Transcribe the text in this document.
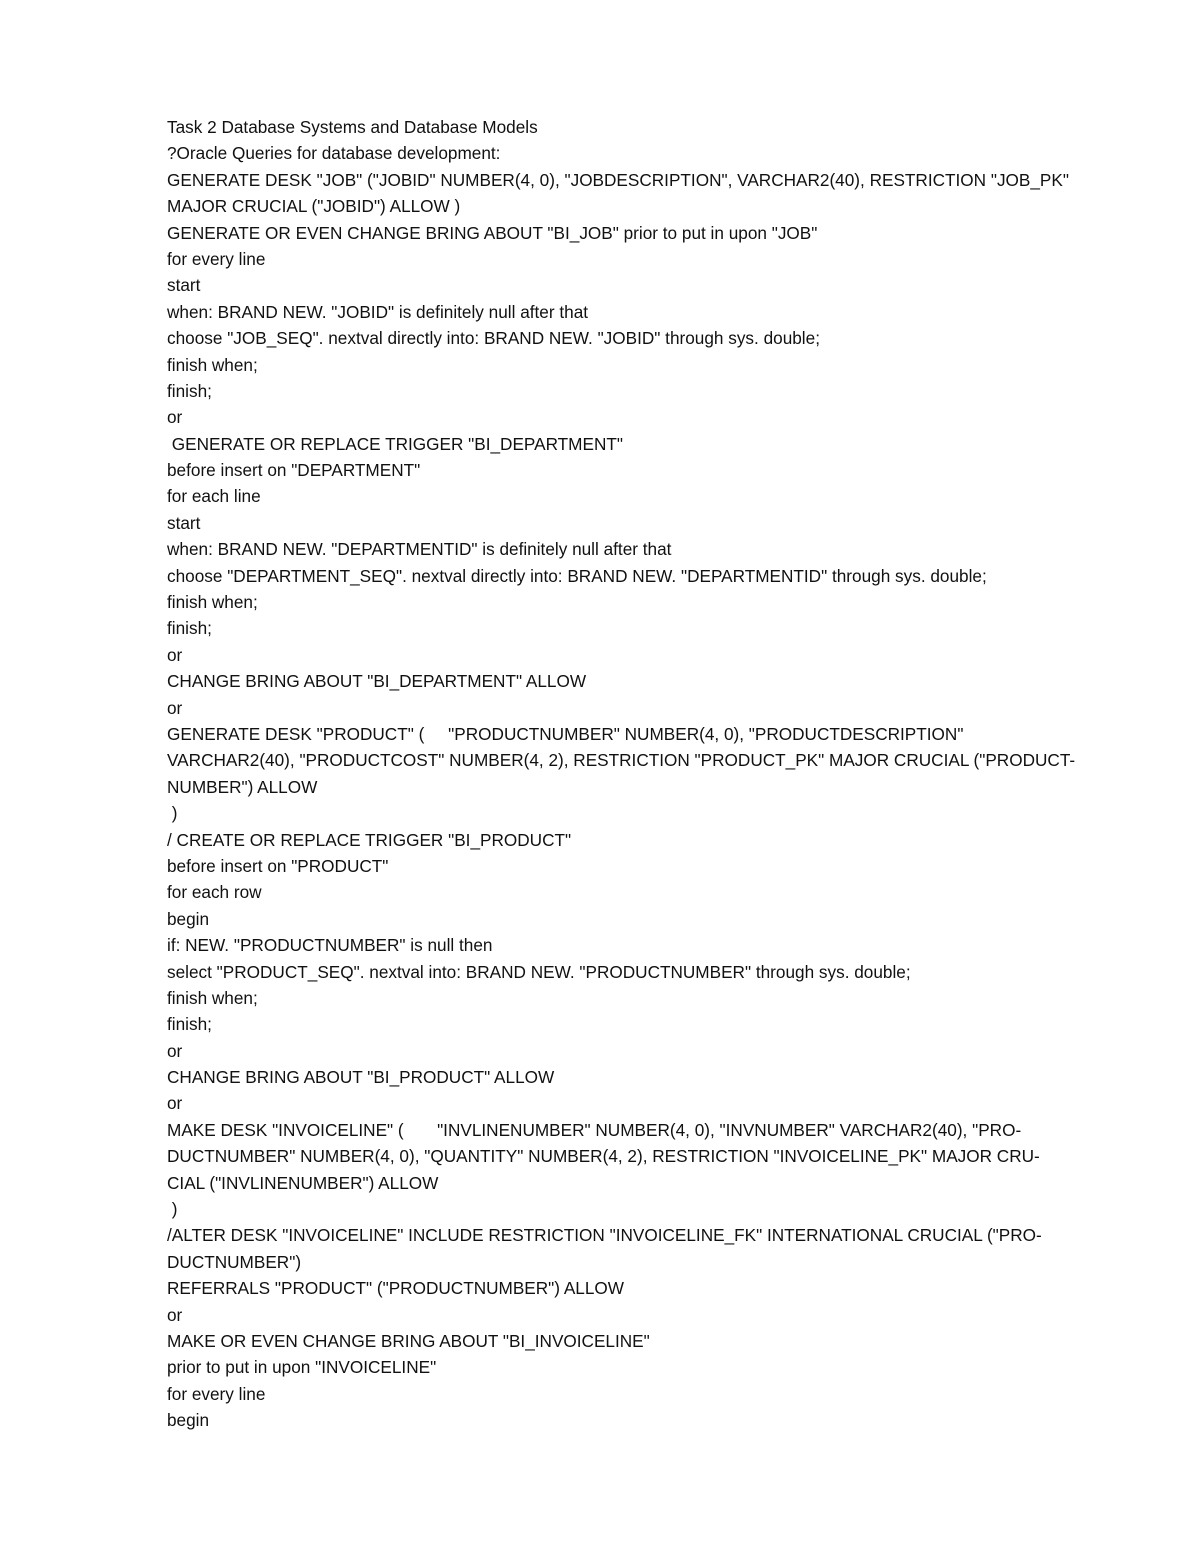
Task 2 Database Systems and Database Models
?Oracle Queries for database development:
GENERATE DESK "JOB" ("JOBID" NUMBER(4, 0), "JOBDESCRIPTION", VARCHAR2(40), RESTRICTION "JOB_PK"
MAJOR CRUCIAL ("JOBID") ALLOW )
GENERATE OR EVEN CHANGE BRING ABOUT "BI_JOB" prior to put in upon "JOB"
for every line
start
when: BRAND NEW. "JOBID" is definitely null after that
choose "JOB_SEQ". nextval directly into: BRAND NEW. "JOBID" through sys. double;
finish when;
finish;
or
GENERATE OR REPLACE TRIGGER "BI_DEPARTMENT"
before insert on "DEPARTMENT"
for each line
start
when: BRAND NEW. "DEPARTMENTID" is definitely null after that
choose "DEPARTMENT_SEQ". nextval directly into: BRAND NEW. "DEPARTMENTID" through sys. double;
finish when;
finish;
or
CHANGE BRING ABOUT "BI_DEPARTMENT" ALLOW
or
GENERATE DESK "PRODUCT" (     "PRODUCTNUMBER" NUMBER(4, 0), "PRODUCTDESCRIPTION"
VARCHAR2(40), "PRODUCTCOST" NUMBER(4, 2), RESTRICTION "PRODUCT_PK" MAJOR CRUCIAL ("PRODUCT-
NUMBER") ALLOW
)
/ CREATE OR REPLACE TRIGGER "BI_PRODUCT"
before insert on "PRODUCT"
for each row
begin
if: NEW. "PRODUCTNUMBER" is null then
select "PRODUCT_SEQ". nextval into: BRAND NEW. "PRODUCTNUMBER" through sys. double;
finish when;
finish;
or
CHANGE BRING ABOUT "BI_PRODUCT" ALLOW
or
MAKE DESK "INVOICELINE" (       "INVLINENUMBER" NUMBER(4, 0), "INVNUMBER" VARCHAR2(40), "PRO-
DUCTNUMBER" NUMBER(4, 0), "QUANTITY" NUMBER(4, 2), RESTRICTION "INVOICELINE_PK" MAJOR CRU-
CIAL ("INVLINENUMBER") ALLOW
)
/ALTER DESK "INVOICELINE" INCLUDE RESTRICTION "INVOICELINE_FK" INTERNATIONAL CRUCIAL ("PRO-
DUCTNUMBER")
REFERRALS "PRODUCT" ("PRODUCTNUMBER") ALLOW
or
MAKE OR EVEN CHANGE BRING ABOUT "BI_INVOICELINE"
prior to put in upon "INVOICELINE"
for every line
begin
